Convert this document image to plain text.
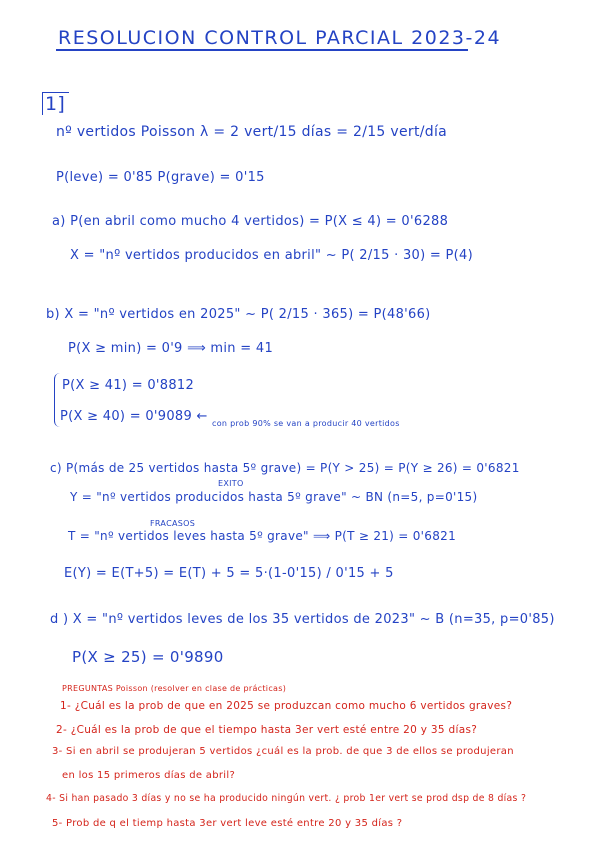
RESOLUCION CONTROL PARCIAL 2023-24
1]
nº vertidos Poisson λ = 2 vert/15 días = 2/15 vert/día
P(leve) = 0'85 P(grave) = 0'15
a) P(en abril como mucho 4 vertidos) = P(X ≤ 4) = 0'6288
X = "nº vertidos producidos en abril" ~ P( 2/15 · 30) = P(4)
b) X = "nº vertidos en 2025" ~ P( 2/15 · 365) = P(48'66)
P(X ≥ min) = 0'9 ⟹ min = 41
P(X ≥ 41) = 0'8812
P(X ≥ 40) = 0'9089 ← con prob 90% se van a producir 40 vertidos
c) P(más de 25 vertidos hasta 5º grave) = P(Y > 25) = P(Y ≥ 26) = 0'6821
EXITO
Y = "nº vertidos producidos hasta 5º grave" ~ BN (n=5, p=0'15)
FRACASOS
T = "nº vertidos leves hasta 5º grave" ⟹ P(T ≥ 21) = 0'6821
E(Y) = E(T+5) = E(T) + 5 = 5·(1-0'15) / 0'15 + 5
d ) X = "nº vertidos leves de los 35 vertidos de 2023" ~ B (n=35, p=0'85)
P(X ≥ 25) = 0'9890
PREGUNTAS Poisson (resolver en clase de prácticas)
1- ¿Cuál es la prob de que en 2025 se produzcan como mucho 6 vertidos graves?
2- ¿Cuál es la prob de que el tiempo hasta 3er vert esté entre 20 y 35 días?
3- Si en abril se produjeran 5 vertidos ¿cuál es la prob. de que 3 de ellos se produjeran
en los 15 primeros días de abril?
4- Si han pasado 3 días y no se ha producido ningún vert. ¿ prob 1er vert se prod dsp de 8 días ?
5- Prob de q el tiemp hasta 3er vert leve esté entre 20 y 35 días ?
